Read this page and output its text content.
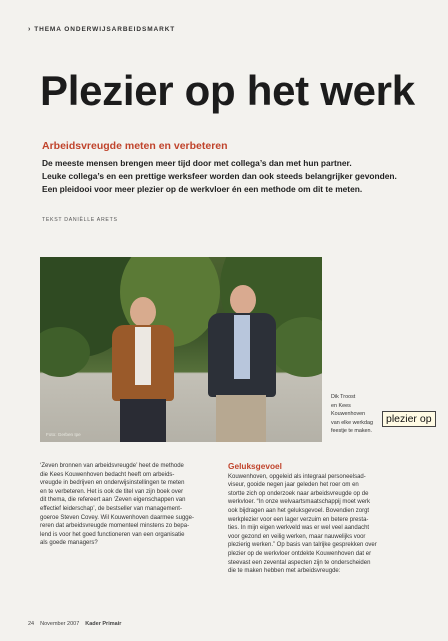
› THEMA ONDERWIJSARBEIDSMARKT
Plezier op het werk
Arbeidsvreugde meten en verbeteren

De meeste mensen brengen meer tijd door met collega’s dan met hun partner.

Leuke collega’s en een prettige werksfeer worden dan ook steeds belangrijker gevonden.

Een pleidooi voor meer plezier op de werkvloer én een methode om dit te meten.

TEKST DANIËLLE ARETS
Foto: Gerben Ipe
Dik Troost
en Kees
Kouwenhoven
van elke werkdag
feestje te maken.
plezier op

‘Zeven bronnen van arbeidsvreugde’ heet de methode

die Kees Kouwenhoven bedacht heeft om arbeids-

vreugde in bedrijven en onderwijsinstellingen te meten

en te verbeteren. Het is ook de titel van zijn boek over

dit thema, die refereert aan ‘Zeven eigenschappen van

effectief leiderschap’, de bestseller van management-

goeroe Steven Covey. Wil Kouwenhoven daarmee sugge-

reren dat arbeidsvreugde momenteel minstens zo bepa-

lend is voor het goed functioneren van een organisatie

als goede managers?

Geluksgevoel

Kouwenhoven, opgeleid als integraal personeelsad-

viseur, gooide negen jaar geleden het roer om en

stortte zich op onderzoek naar arbeidsvreugde op de

werkvloer. “In onze welvaartsmaatschappij moet werk

ook bijdragen aan het geluksgevoel. Bovendien zorgt

werkplezier voor een lager verzuim en betere presta-

ties. In mijn eigen werkveld was er wel veel aandacht

voor gezond en veilig werken, maar nauwelijks voor

plezierig werken.” Op basis van talrijke gesprekken over

plezier op de werkvloer ontdekte Kouwenhoven dat er

steevast een zevental aspecten zijn te onderscheiden

die te maken hebben met arbeidsvreugde:

24 November 2007 Kader Primair
